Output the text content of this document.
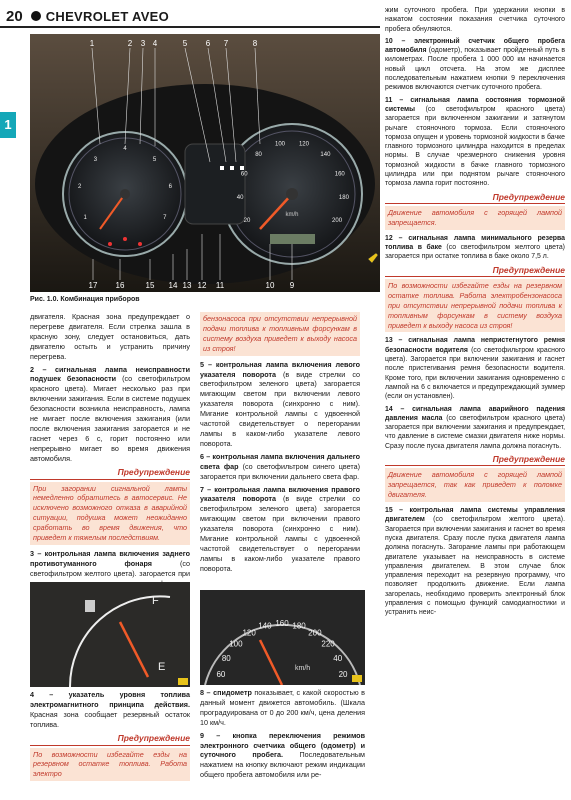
20 CHEVROLET AVEO
1
20
40
60
80
100 120
140
160
180
200
1
2
3
4
5
6
7	km/h
1	2 3 4	5 6 7	8
17 16	15 14 13 12 11	10 9
Рис. 1.0. Комбинация приборов

двигателя. Красная зона предупреждает о перегреве двигателя. Если стрелка зашла в красную зону, следует остановиться, дать двигателю остыть и устранить причину перегрева.

2 – сигнальная лампа неисправности подушек безопасности (со светофильтром красного цвета). Мигает несколько раз при включении зажигания. Если в системе подушек безопасности возникла неисправность, лампа не мигает после включения зажигания (или после включения зажигания загорается и не гаснет через 6 с, горит постоянно или непрерывно мигает во время движения автомобиля.

Предупреждение
При загорании сигнальной лампы немедленно обратитесь в автосервис. Не исключено возможного отказа в аварийной ситуации, подушка может неожиданно сработать во время движения, что приведет к тяжелым последствиям.

3 – контрольная лампа включения заднего противотуманного фонаря	(со светофильтром желтого цвета). загорается при

F
E

4 – указатель уровня топлива электромагнитного принципа действия. Красная зона сообщает резервный остаток топлива.

Предупреждение
По возможности избегайте езды на резервном остатке топлива. Работа электро
бензонасоса при отсутствии непрерывной подачи топлива к топливным форсункам в систему воздуха приведет к выходу насоса из строя!

5 – контрольная лампа включения левого указателя поворота (в виде стрелки со светофильтром зеленого цвета) загорается мигающим светом при включении левого указателя поворота (синхронно с ним). Мигание контрольной лампы с удвоенной частотой свидетельствует о перегорании лампы в каком-либо указателе левого поворота.

6 – контрольная лампа включения дальнего света фар (со светофильтром синего цвета) загорается при включении дальнего света фар.

7 – контрольная лампа включения правого указателя поворота (в виде стрелки со светофильтром зеленого цвета) загорается мигающим светом при включении правого указателя поворота (синхронно с ним). Мигание контрольной лампы с удвоенной частотой свидетельствует о перегорании лампы в каком-либо указателе правого поворота.

60
80
100
120
140 160 180
200
220
40
20
km/h

8 – спидометр показывает, с какой скоростью в данный момент движется автомобиль. (Шкала проградуирована от 0 до 200 км/ч, цена деления 10 км/ч.

9 – кнопка переключения режимов электронного счетчика общего (одометр) и суточного пробега. Последовательным нажатием на кнопку включают режим индикации общего пробега автомобиля или ре-

жим суточного пробега. При удержании кнопки в нажатом состоянии показания счетчика суточного пробега обнуляются.

10 – электронный счетчик общего пробега автомобиля (одометр), показывает пройденный путь в километрах. После пробега 1 000 000 км начинается новый цикл отсчета. На этом же дисплее последовательным нажатием кнопки 9 переключения режимов включаются счетчик суточного пробега.

11 – сигнальная лампа состояния тормозной системы (со светофильтром красного цвета) загорается при включенном зажигании и затянутом рычаге стояночного тормоза. Если стояночного тормоза опущен и уровень тормозной жидкости в бачке главного тормозного цилиндра находится в пределах нормы. В случае чрезмерного снижения уровня тормозной жидкости в бачке главного тормозного цилиндра или при поднятом рычаге стояночного тормоза лампа горит постоянно.

Предупреждение
Движение автомобиля с горящей лампой запрещается.

12 – сигнальная лампа минимального резерва топлива в баке (со светофильтром желтого цвета) загорается при остатке топлива в баке около 7,5 л.

Предупреждение
По возможности избегайте езды на резервном остатке топлива. Работа электробензонасоса при отсутствии непрерывной подачи топлива к топливным форсункам в систему воздуха приведет к выходу насоса из строя!

13 – сигнальная лампа непристегнутого ремня безопасности водителя (со светофильтром красного цвета). Загорается при включении зажигания и гаснет после пристегивания ремня безопасности водителя. Кроме того, при включении зажигания одновременно с лампой на 6 с включается и предупреждающий зуммер (если он установлен).

14 – сигнальная лампа аварийного падения давления масла (со светофильтром красного цвета) загорается при включении зажигания и предупреждает, что давление в системе смазки двигателя ниже нормы. Сразу после пуска двигателя лампа должна погаснуть.

Предупреждение
Движение автомобиля с горящей лампой запрещается, так как приведет к поломке двигателя.

15 – контрольная лампа системы управления двигателем (со светофильтром желтого цвета). Загорается при включении зажигания и гаснет во время пуска двигателя. Сразу после пуска двигателя лампа должна погаснуть. Загорание лампы при работающем двигателе указывает на неисправность в системе управления двигателем. В этом случае блок управления переходит на резервную программу, что позволяет продолжить движение. Если лампа загорелась, необходимо проверить электронный блок управления с помощью функций самодиагностики и устранить неис-
